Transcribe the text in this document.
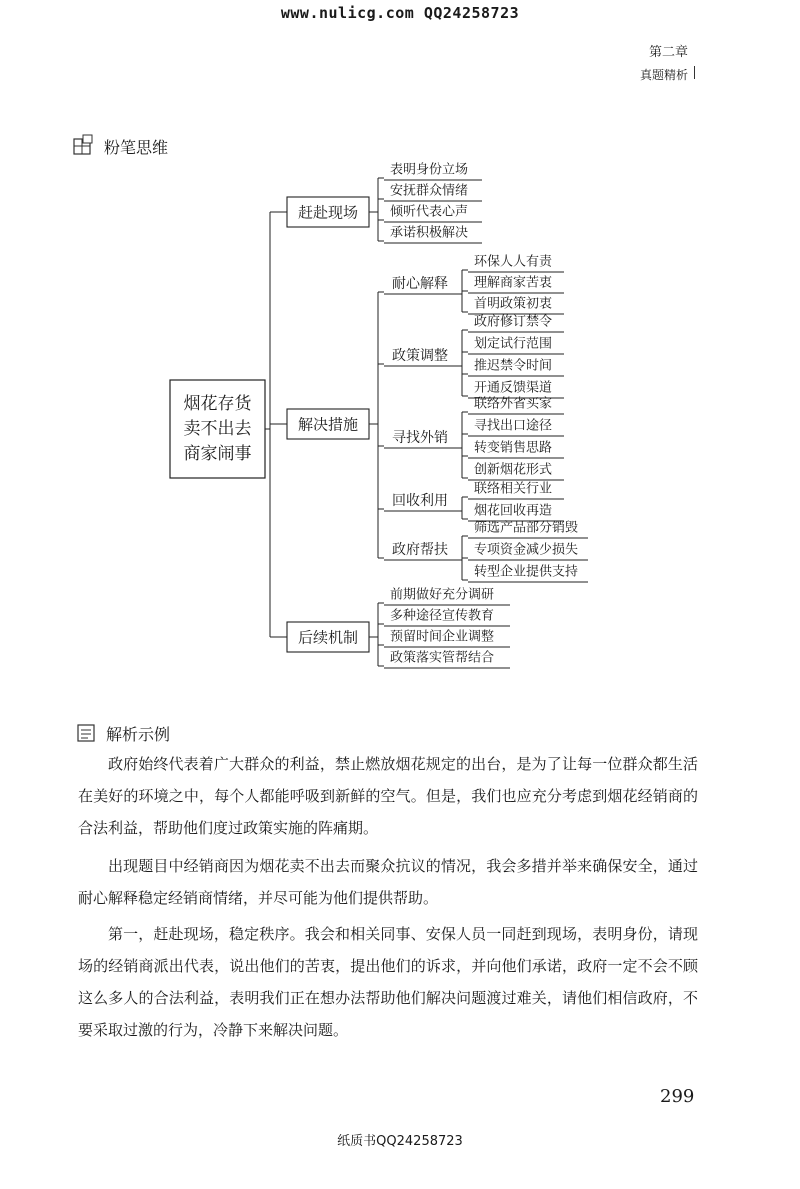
www.nulicg.com QQ24258723
第二章
真题精析
粉笔思维
烟花存货
卖不出去
商家闹事
赶赴现场
表明身份立场
安抚群众情绪
倾听代表心声
承诺积极解决
解决措施
耐心解释
环保人人有责
理解商家苦衷
首明政策初衷
政策调整
政府修订禁令
划定试行范围
推迟禁令时间
开通反馈渠道
寻找外销
联络外省买家
寻找出口途径
转变销售思路
创新烟花形式
回收利用
联络相关行业
烟花回收再造
政府帮扶
筛选产品部分销毁
专项资金减少损失
转型企业提供支持
后续机制
前期做好充分调研
多种途径宣传教育
预留时间企业调整
政策落实管帮结合
解析示例

政府始终代表着广大群众的利益，禁止燃放烟花规定的出台，是为了让每一位群众都生活在美好的环境之中，每个人都能呼吸到新鲜的空气。但是，我们也应充分考虑到烟花经销商的合法利益，帮助他们度过政策实施的阵痛期。

出现题目中经销商因为烟花卖不出去而聚众抗议的情况，我会多措并举来确保安全，通过耐心解释稳定经销商情绪，并尽可能为他们提供帮助。

第一，赶赴现场，稳定秩序。我会和相关同事、安保人员一同赶到现场，表明身份，请现场的经销商派出代表，说出他们的苦衷，提出他们的诉求，并向他们承诺，政府一定不会不顾这么多人的合法利益，表明我们正在想办法帮助他们解决问题渡过难关，请他们相信政府，不要采取过激的行为，冷静下来解决问题。

299
纸质书QQ24258723
